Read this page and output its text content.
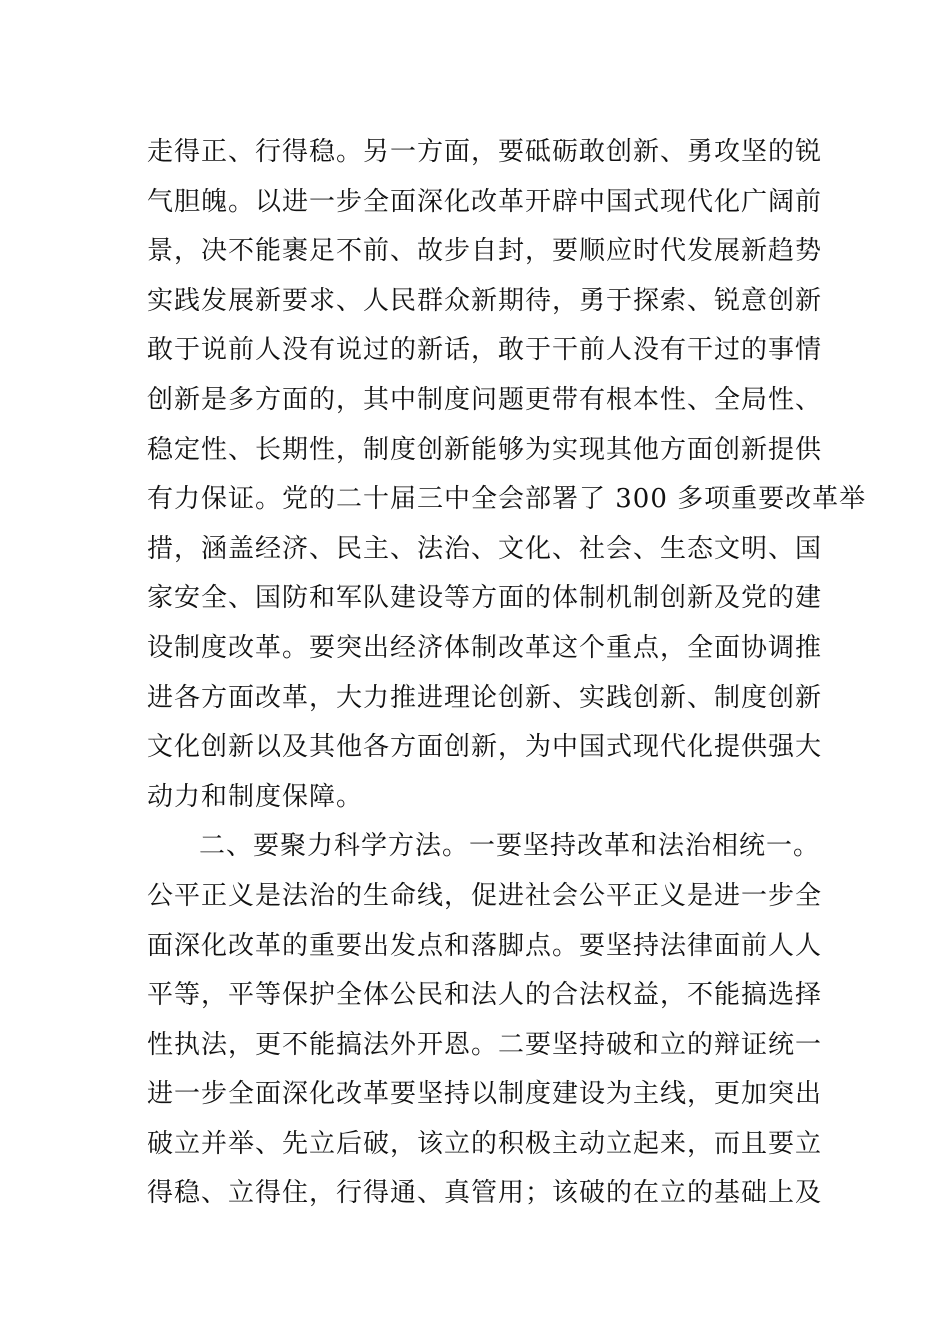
走得正、行得稳。另一方面，要砥砺敢创新、勇攻坚的锐
气胆魄。以进一步全面深化改革开辟中国式现代化广阔前
景，决不能裹足不前、故步自封，要顺应时代发展新趋势
实践发展新要求、人民群众新期待，勇于探索、锐意创新
敢于说前人没有说过的新话，敢于干前人没有干过的事情
创新是多方面的，其中制度问题更带有根本性、全局性、
稳定性、长期性，制度创新能够为实现其他方面创新提供
有力保证。党的二十届三中全会部署了 300 多项重要改革举
措，涵盖经济、民主、法治、文化、社会、生态文明、国
家安全、国防和军队建设等方面的体制机制创新及党的建
设制度改革。要突出经济体制改革这个重点，全面协调推
进各方面改革，大力推进理论创新、实践创新、制度创新
文化创新以及其他各方面创新，为中国式现代化提供强大
动力和制度保障。
二、要聚力科学方法。一要坚持改革和法治相统一。
公平正义是法治的生命线，促进社会公平正义是进一步全
面深化改革的重要出发点和落脚点。要坚持法律面前人人
平等，平等保护全体公民和法人的合法权益，不能搞选择
性执法，更不能搞法外开恩。二要坚持破和立的辩证统一
进一步全面深化改革要坚持以制度建设为主线，更加突出
破立并举、先立后破，该立的积极主动立起来，而且要立
得稳、立得住，行得通、真管用；该破的在立的基础上及
